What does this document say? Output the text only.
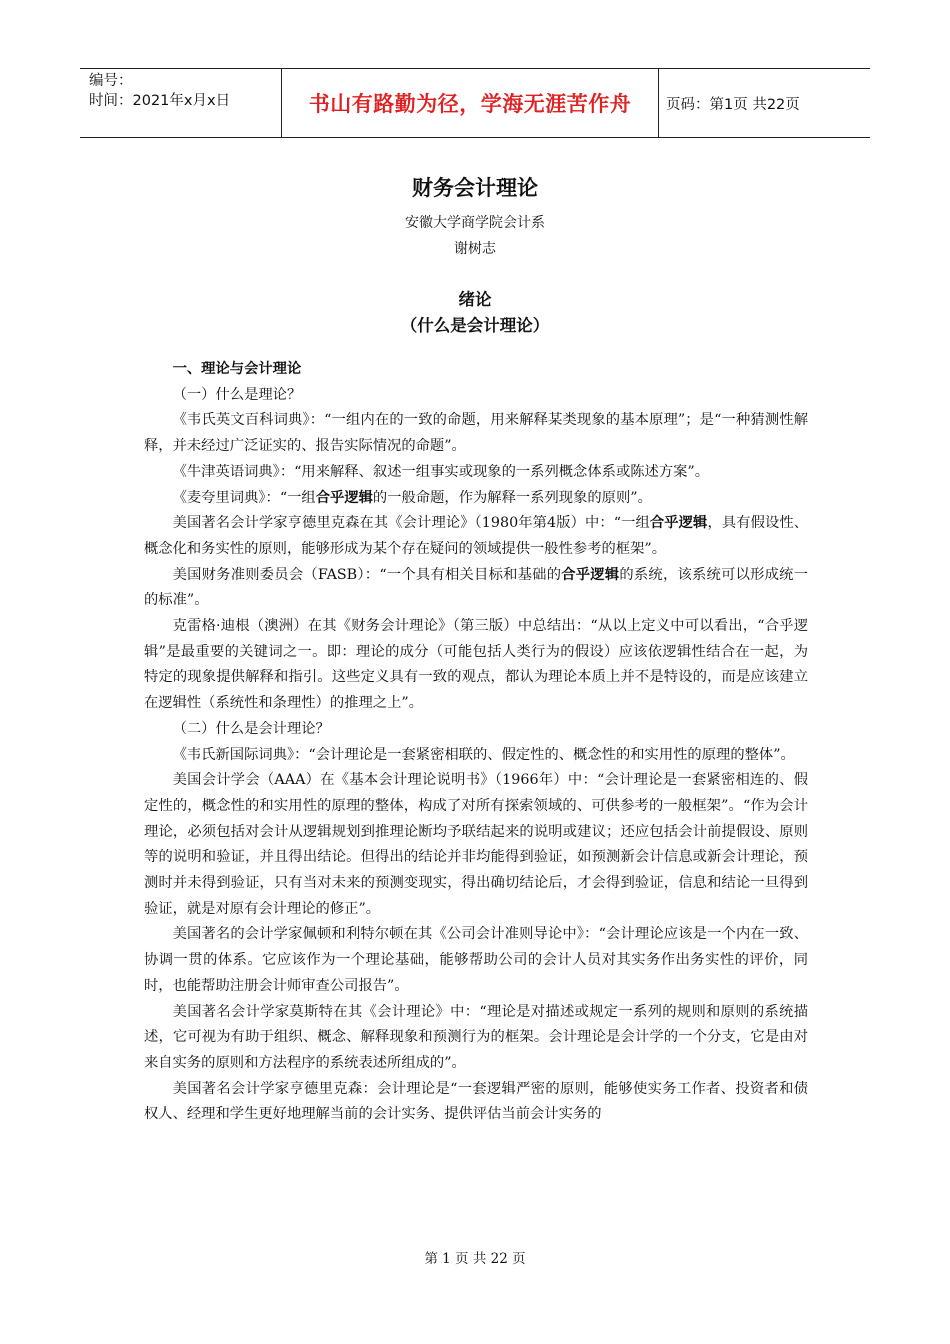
编号：
时间：2021年x月x日	书山有路勤为径，学海无涯苦作舟	页码：第1页 共22页
财务会计理论
安徽大学商学院会计系
谢树志
绪论
（什么是会计理论）

一、理论与会计理论

（一）什么是理论？

《韦氏英文百科词典》：“一组内在的一致的命题，用来解释某类现象的基本原理”；是“一种猜测性解释，并未经过广泛证实的、报告实际情况的命题”。

《牛津英语词典》：“用来解释、叙述一组事实或现象的一系列概念体系或陈述方案”。

《麦夸里词典》：“一组合乎逻辑的一般命题，作为解释一系列现象的原则”。

美国著名会计学家亨德里克森在其《会计理论》（1980年第4版）中：“一组合乎逻辑，具有假设性、概念化和务实性的原则，能够形成为某个存在疑问的领域提供一般性参考的框架”。

美国财务准则委员会（FASB）：“一个具有相关目标和基础的合乎逻辑的系统，该系统可以形成统一的标准”。

克雷格·迪根（澳洲）在其《财务会计理论》（第三版）中总结出：“从以上定义中可以看出，“合乎逻辑”是最重要的关键词之一。即：理论的成分（可能包括人类行为的假设）应该依逻辑性结合在一起，为特定的现象提供解释和指引。这些定义具有一致的观点，都认为理论本质上并不是特设的，而是应该建立在逻辑性（系统性和条理性）的推理之上”。

（二）什么是会计理论？

《韦氏新国际词典》：“会计理论是一套紧密相联的、假定性的、概念性的和实用性的原理的整体”。

美国会计学会（AAA）在《基本会计理论说明书》（1966年）中：“会计理论是一套紧密相连的、假定性的，概念性的和实用性的原理的整体，构成了对所有探索领域的、可供参考的一般框架”。“作为会计理论，必须包括对会计从逻辑规划到推理论断均予联结起来的说明或建议；还应包括会计前提假设、原则等的说明和验证，并且得出结论。但得出的结论并非均能得到验证，如预测新会计信息或新会计理论，预测时并未得到验证，只有当对未来的预测变现实，得出确切结论后，才会得到验证，信息和结论一旦得到验证，就是对原有会计理论的修正”。

美国著名的会计学家佩顿和利特尔顿在其《公司会计准则导论中》：“会计理论应该是一个内在一致、协调一贯的体系。它应该作为一个理论基础，能够帮助公司的会计人员对其实务作出务实性的评价，同时，也能帮助注册会计师审查公司报告”。

美国著名会计学家莫斯特在其《会计理论》中：“理论是对描述或规定一系列的规则和原则的系统描述，它可视为有助于组织、概念、解释现象和预测行为的框架。会计理论是会计学的一个分支，它是由对来自实务的原则和方法程序的系统表述所组成的”。

美国著名会计学家亨德里克森：会计理论是“一套逻辑严密的原则，能够使实务工作者、投资者和债权人、经理和学生更好地理解当前的会计实务、提供评估当前会计实务的

第 1 页 共 22 页
